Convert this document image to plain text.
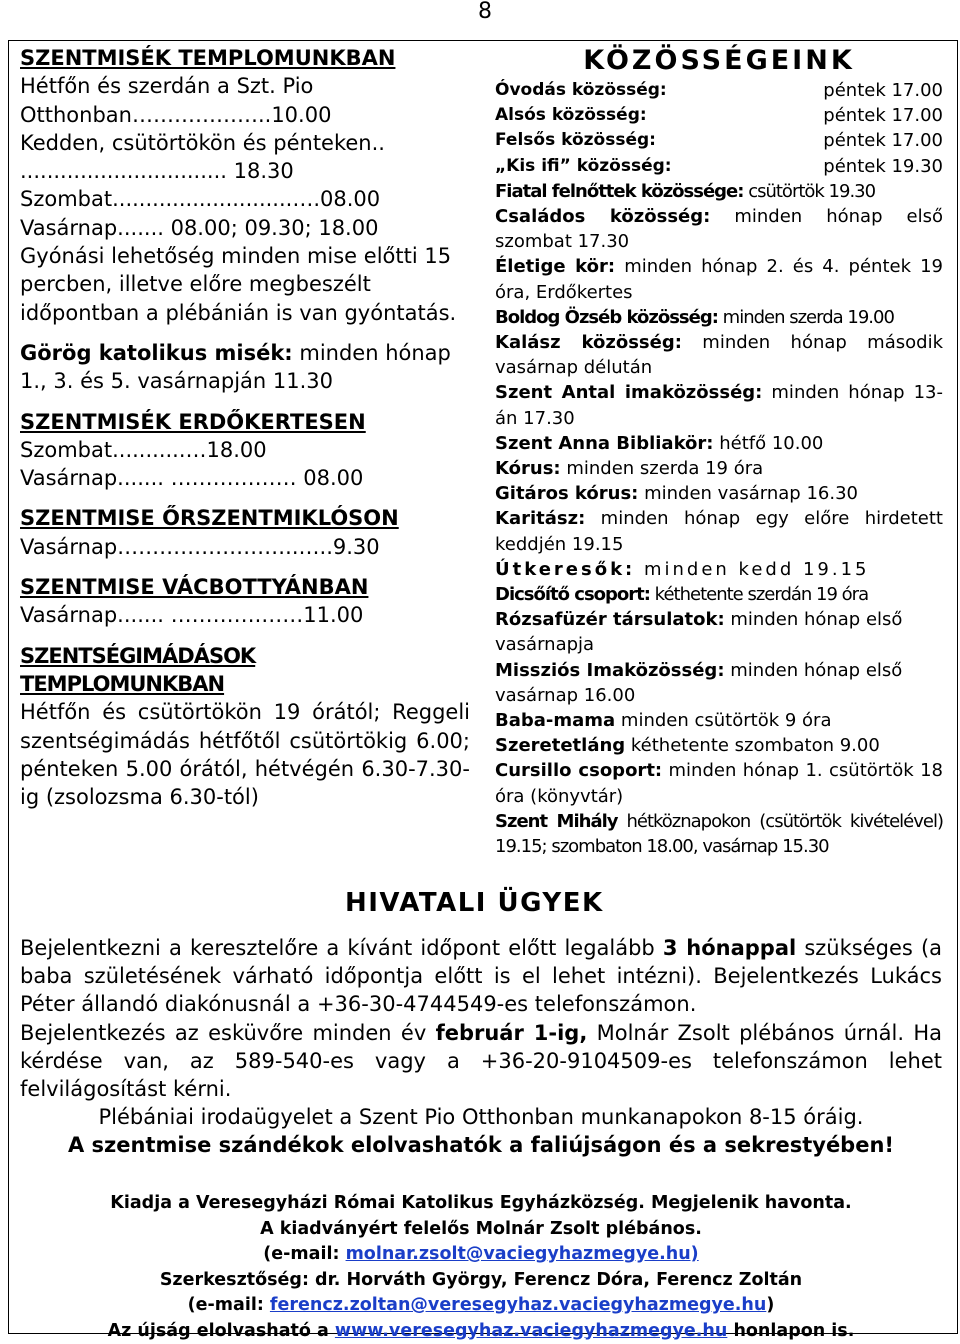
8
SZENTMISÉK TEMPLOMUNKBAN
Hétfőn és szerdán a Szt. Pio
Otthonban………………..10.00
Kedden, csütörtökön és pénteken..
............................... 18.30
Szombat...........................….08.00
Vasárnap....... 08.00; 09.30; 18.00
Gyónási lehetőség minden mise előtti 15 percben, illetve előre megbeszélt időpontban a plébánián is van gyóntatás.
Görög katolikus misék: minden hónap 1., 3. és 5. vasárnapján 11.30
SZENTMISÉK ERDŐKERTESEN
Szombat...........…18.00
Vasárnap....... ……………… 08.00
SZENTMISE ŐRSZENTMIKLÓSON
Vasárnap……………………..…..9.30
SZENTMISE VÁCBOTTYÁNBAN
Vasárnap....... ………….……11.00
SZENTSÉGIMÁDÁSOK
TEMPLOMUNKBAN
Hétfőn és csütörtökön 19 órától; Reggeli szentségimádás hétfőtől csütörtökig 6.00; pénteken 5.00 órától, hétvégén 6.30-7.30-ig (zsolozsma 6.30-tól)
KÖZÖSSÉGEINK
Óvodás közösség:	péntek 17.00
Alsós közösség:	péntek 17.00
Felsős közösség:	péntek 17.00
„Kis ifi” közösség:	péntek 19.30
Fiatal felnőttek közössége: csütörtök 19.30
Családos közösség: minden hónap első szombat 17.30
Életige kör: minden hónap 2. és 4. péntek 19 óra, Erdőkertes
Boldog Özséb közösség: minden szerda 19.00
Kalász közösség: minden hónap második vasárnap délután
Szent Antal imaközösség: minden hónap 13-án 17.30
Szent Anna Bibliakör: hétfő 10.00
Kórus: minden szerda 19 óra
Gitáros kórus: minden vasárnap 16.30
Karitász: minden hónap egy előre hirdetett keddjén 19.15
Útkeresők: minden kedd 19.15
Dicsőítő csoport: kéthetente szerdán 19 óra
Rózsafüzér társulatok: minden hónap első vasárnapja
Missziós Imaközösség: minden hónap első vasárnap 16.00
Baba-mama minden csütörtök 9 óra
Szeretetláng kéthetente szombaton 9.00
Cursillo csoport: minden hónap 1. csütörtök 18 óra (könyvtár)
Szent Mihály hétköznapokon (csütörtök kivételével) 19.15; szombaton 18.00, vasárnap 15.30
HIVATALI ÜGYEK
Bejelentkezni a keresztelőre a kívánt időpont előtt legalább 3 hónappal szükséges (a baba születésének várható időpontja előtt is el lehet intézni). Bejelentkezés Lukács Péter állandó diakónusnál a +36-30-4744549-es telefonszámon.
Bejelentkezés az esküvőre minden év február 1-ig, Molnár Zsolt plébános úrnál. Ha kérdése van, az 589-540-es vagy a +36-20-9104509-es telefonszámon lehet felvilágosítást kérni.
Plébániai irodaügyelet a Szent Pio Otthonban munkanapokon 8-15 óráig.
A szentmise szándékok elolvashatók a faliújságon és a sekrestyében!
Kiadja a Veresegyházi Római Katolikus Egyházközség. Megjelenik havonta.
A kiadványért felelős Molnár Zsolt plébános.
(e-mail: molnar.zsolt@vaciegyhazmegye.hu)
Szerkesztőség: dr. Horváth György, Ferencz Dóra, Ferencz Zoltán
(e-mail: ferencz.zoltan@veresegyhaz.vaciegyhazmegye.hu)
Az újság elolvasható a www.veresegyhaz.vaciegyhazmegye.hu honlapon is.
